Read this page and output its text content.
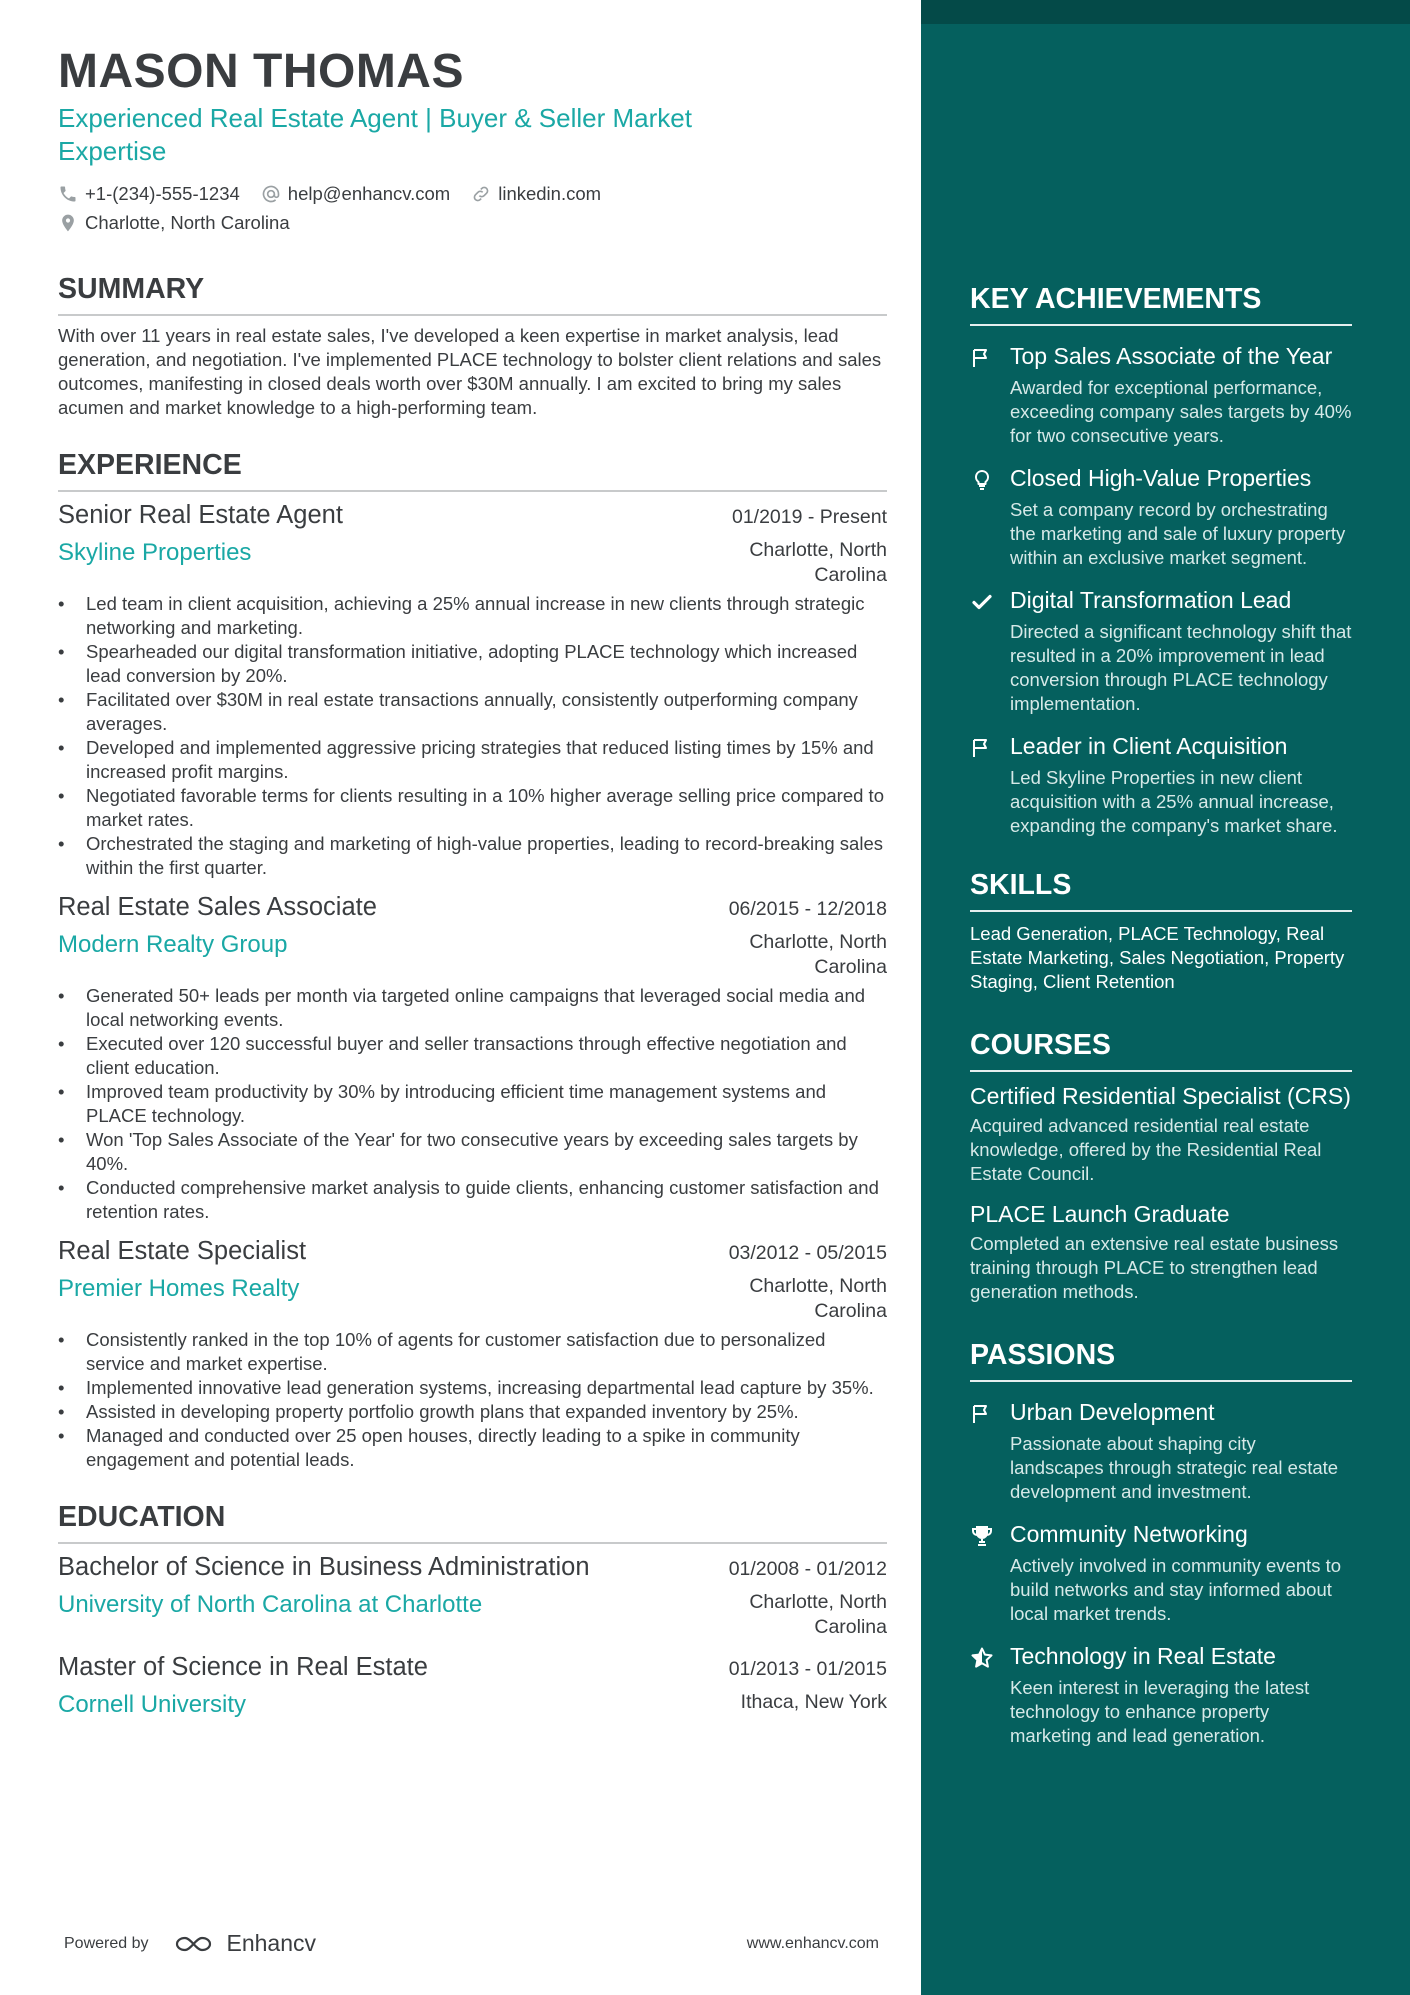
MASON THOMAS
Experienced Real Estate Agent | Buyer & Seller Market Expertise
+1-(234)-555-1234	help@enhancv.com	linkedin.com
Charlotte, North Carolina
SUMMARY
With over 11 years in real estate sales, I've developed a keen expertise in market analysis, lead generation, and negotiation. I've implemented PLACE technology to bolster client relations and sales outcomes, manifesting in closed deals worth over $30M annually. I am excited to bring my sales acumen and market knowledge to a high-performing team.
EXPERIENCE
Senior Real Estate Agent	01/2019 - Present
Skyline Properties	Charlotte, North Carolina
• Led team in client acquisition, achieving a 25% annual increase in new clients through strategic networking and marketing.
• Spearheaded our digital transformation initiative, adopting PLACE technology which increased lead conversion by 20%.
• Facilitated over $30M in real estate transactions annually, consistently outperforming company averages.
• Developed and implemented aggressive pricing strategies that reduced listing times by 15% and increased profit margins.
• Negotiated favorable terms for clients resulting in a 10% higher average selling price compared to market rates.
• Orchestrated the staging and marketing of high-value properties, leading to record-breaking sales within the first quarter.
Real Estate Sales Associate	06/2015 - 12/2018
Modern Realty Group	Charlotte, North Carolina
• Generated 50+ leads per month via targeted online campaigns that leveraged social media and local networking events.
• Executed over 120 successful buyer and seller transactions through effective negotiation and client education.
• Improved team productivity by 30% by introducing efficient time management systems and PLACE technology.
• Won 'Top Sales Associate of the Year' for two consecutive years by exceeding sales targets by 40%.
• Conducted comprehensive market analysis to guide clients, enhancing customer satisfaction and retention rates.
Real Estate Specialist	03/2012 - 05/2015
Premier Homes Realty	Charlotte, North Carolina
• Consistently ranked in the top 10% of agents for customer satisfaction due to personalized service and market expertise.
• Implemented innovative lead generation systems, increasing departmental lead capture by 35%.
• Assisted in developing property portfolio growth plans that expanded inventory by 25%.
• Managed and conducted over 25 open houses, directly leading to a spike in community engagement and potential leads.
EDUCATION
Bachelor of Science in Business Administration	01/2008 - 01/2012
University of North Carolina at Charlotte	Charlotte, North Carolina
Master of Science in Real Estate	01/2013 - 01/2015
Cornell University	Ithaca, New York
KEY ACHIEVEMENTS
Top Sales Associate of the Year
Awarded for exceptional performance, exceeding company sales targets by 40% for two consecutive years.
Closed High-Value Properties
Set a company record by orchestrating the marketing and sale of luxury property within an exclusive market segment.
Digital Transformation Lead
Directed a significant technology shift that resulted in a 20% improvement in lead conversion through PLACE technology implementation.
Leader in Client Acquisition
Led Skyline Properties in new client acquisition with a 25% annual increase, expanding the company's market share.
SKILLS
Lead Generation, PLACE Technology, Real Estate Marketing, Sales Negotiation, Property Staging, Client Retention
COURSES
Certified Residential Specialist (CRS)
Acquired advanced residential real estate knowledge, offered by the Residential Real Estate Council.
PLACE Launch Graduate
Completed an extensive real estate business training through PLACE to strengthen lead generation methods.
PASSIONS
Urban Development
Passionate about shaping city landscapes through strategic real estate development and investment.
Community Networking
Actively involved in community events to build networks and stay informed about local market trends.
Technology in Real Estate
Keen interest in leveraging the latest technology to enhance property marketing and lead generation.
Powered by	Enhancv	www.enhancv.com
